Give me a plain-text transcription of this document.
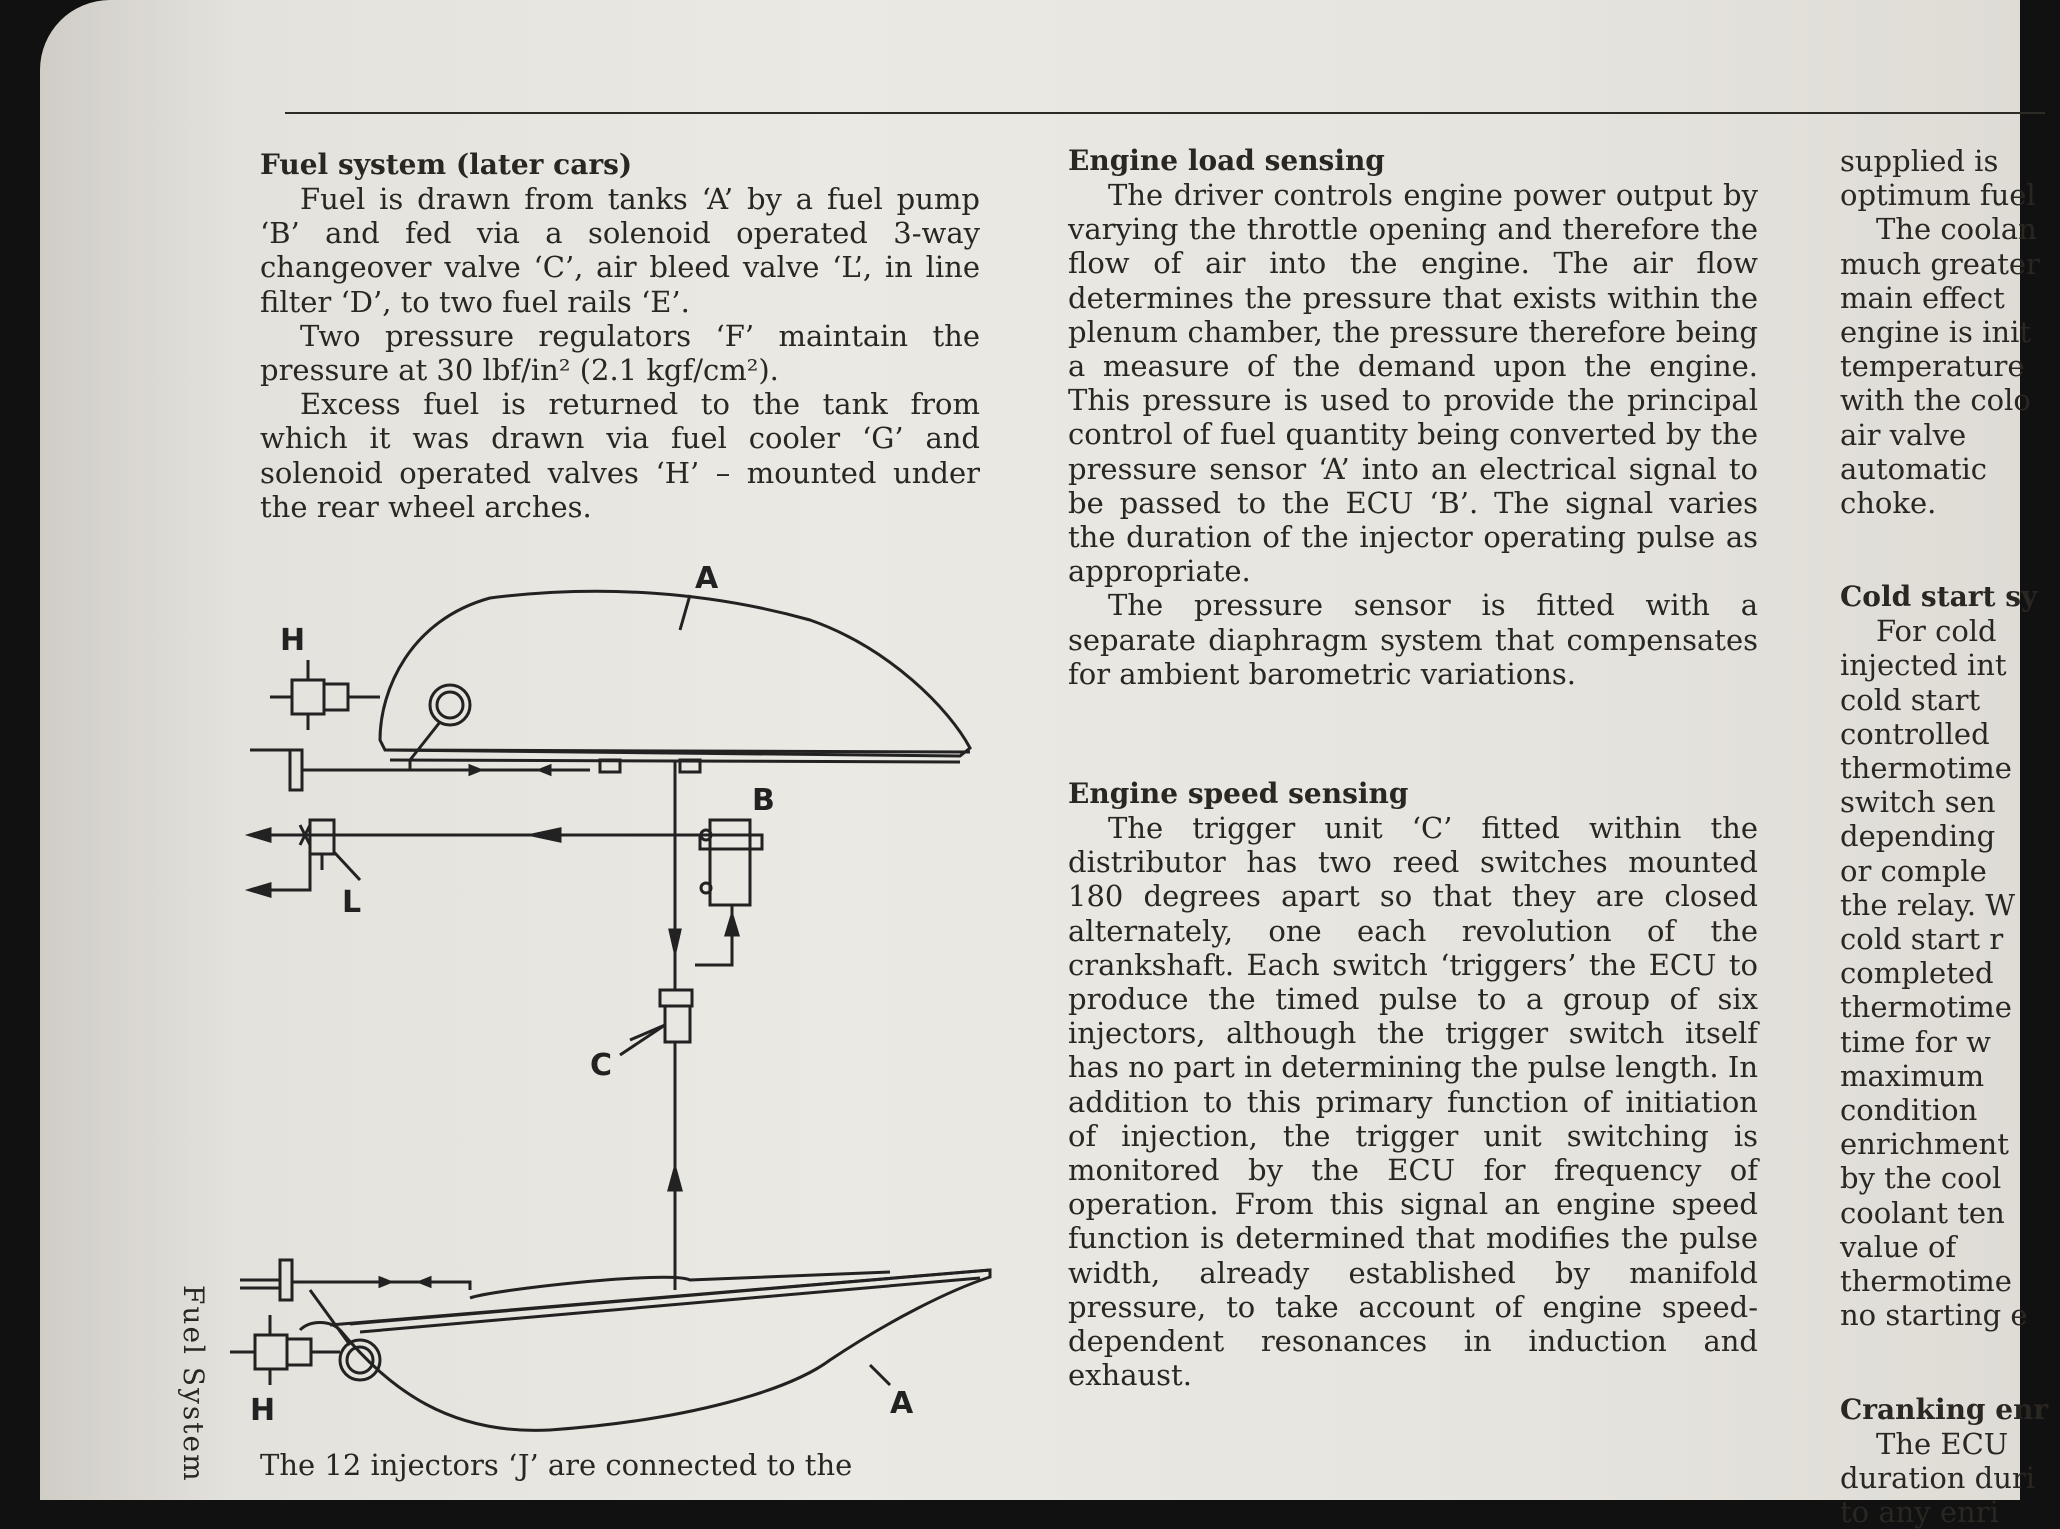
Fuel system (later cars)

Fuel is drawn from tanks ‘A’ by a fuel pump ‘B’ and fed via a solenoid operated 3-way changeover valve ‘C’, air bleed valve ‘L’, in line filter ‘D’, to two fuel rails ‘E’.

Two pressure regulators ‘F’ maintain the pressure at 30 lbf/in² (2.1 kgf/cm²).

Excess fuel is returned to the tank from which it was drawn via fuel cooler ‘G’ and solenoid operated valves ‘H’ – mounted under the rear wheel arches.

A
H
B
L
C
H	A
Fuel System The 12 injectors ‘J’ are connected to the
Engine load sensing

The driver controls engine power output by varying the throttle opening and therefore the flow of air into the engine. The air flow determines the pressure that exists within the plenum chamber, the pressure therefore being a measure of the demand upon the engine. This pressure is used to provide the principal control of fuel quantity being converted by the pressure sensor ‘A’ into an electrical signal to be passed to the ECU ‘B’. The signal varies the duration of the injector operating pulse as appropriate.

The pressure sensor is fitted with a separate diaphragm system that compensates for ambient barometric variations.

Engine speed sensing

The trigger unit ‘C’ fitted within the distributor has two reed switches mounted 180 degrees apart so that they are closed alternately, one each revolution of the crankshaft. Each switch ‘triggers’ the ECU to produce the timed pulse to a group of six injectors, although the trigger switch itself has no part in determining the pulse length. In addition to this primary function of initiation of injection, the trigger unit switching is monitored by the ECU for frequency of operation. From this signal an engine speed function is determined that modifies the pulse width, already established by manifold pressure, to take account of engine speed-dependent resonances in induction and exhaust.

supplied is
optimum fuel
The coolan
much greater
main effect
engine is init
temperature
with the colo
air valve
automatic
choke.
Cold start sy
For cold
injected int
cold start
controlled
thermotime
switch sen
depending
or comple
the relay. W
cold start r
completed
thermotime
time for w
maximum
condition
enrichment
by the cool
coolant ten
value of
thermotime
no starting e
Cranking enr
The ECU
duration duri
to any enri
